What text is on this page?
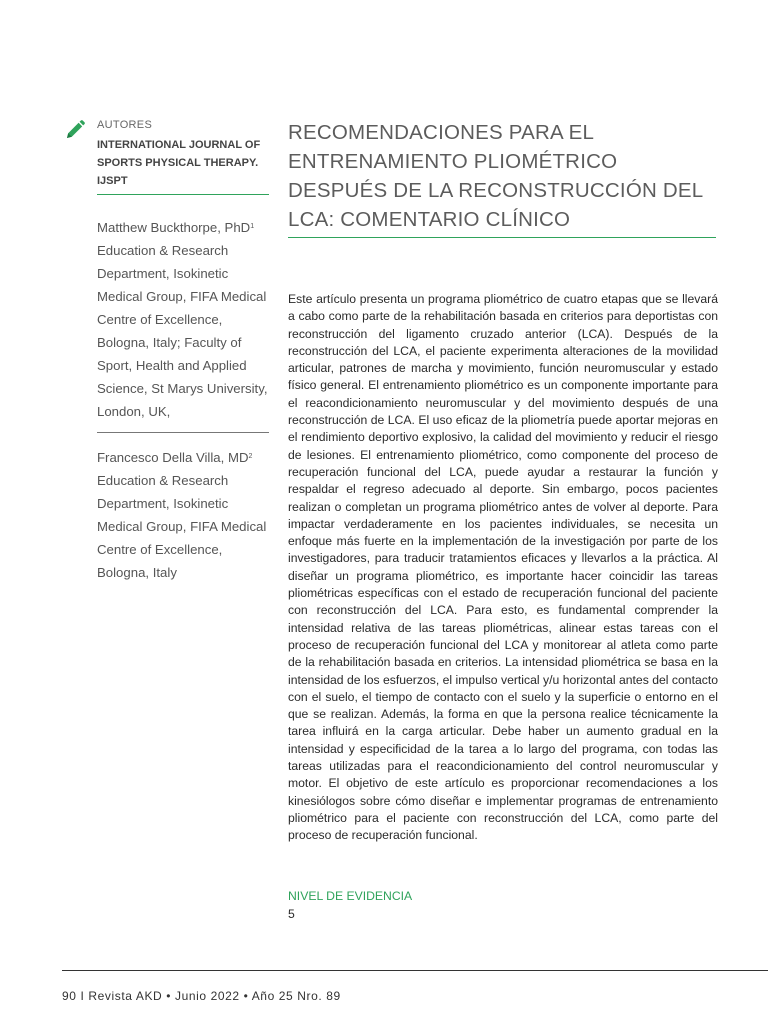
AUTORES
INTERNATIONAL JOURNAL OF SPORTS PHYSICAL THERAPY. IJSPT
Matthew Buckthorpe, PhD$^1$ Education & Research Department, Isokinetic Medical Group, FIFA Medical Centre of Excellence, Bologna, Italy; Faculty of Sport, Health and Applied Science, St Marys University, London, UK,
Francesco Della Villa, $MD^2$ Education & Research Department, Isokinetic Medical Group, FIFA Medical Centre of Excellence, Bologna, Italy
RECOMENDACIONES PARA EL ENTRENAMIENTO PLIOMÉTRICO DESPUÉS DE LA RECONSTRUCCIÓN DEL LCA: COMENTARIO CLÍNICO
Este artículo presenta un programa pliométrico de cuatro etapas que se llevará a cabo como parte de la rehabilitación basada en criterios para deportistas con reconstrucción del ligamento cruzado anterior (LCA). Después de la reconstrucción del LCA, el paciente experimenta alteraciones de la movilidad articular, patrones de marcha y movimiento, función neuromuscular y estado físico general. El entrenamiento pliométrico es un componente importante para el reacondicionamiento neuromuscular y del movimiento después de una reconstrucción de LCA. El uso eficaz de la pliometría puede aportar mejoras en el rendimiento deportivo explosivo, la calidad del movimiento y reducir el riesgo de lesiones. El entrenamiento pliométrico, como componente del proceso de recuperación funcional del LCA, puede ayudar a restaurar la función y respaldar el regreso adecuado al deporte. Sin embargo, pocos pacientes realizan o completan un programa pliométrico antes de volver al deporte. Para impactar verdaderamente en los pacientes individuales, se necesita un enfoque más fuerte en la implementación de la investigación por parte de los investigadores, para traducir tratamientos eficaces y llevarlos a la práctica. Al diseñar un programa pliométrico, es importante hacer coincidir las tareas pliométricas específicas con el estado de recuperación funcional del paciente con reconstrucción del LCA. Para esto, es fundamental comprender la intensidad relativa de las tareas pliométricas, alinear estas tareas con el proceso de recuperación funcional del LCA y monitorear al atleta como parte de la rehabilitación basada en criterios. La intensidad pliométrica se basa en la intensidad de los esfuerzos, el impulso vertical y/u horizontal antes del contacto con el suelo, el tiempo de contacto con el suelo y la superficie o entorno en el que se realizan. Además, la forma en que la persona realice técnicamente la tarea influirá en la carga articular. Debe haber un aumento gradual en la intensidad y especificidad de la tarea a lo largo del programa, con todas las tareas utilizadas para el reacondicionamiento del control neuromuscular y motor. El objetivo de este artículo es proporcionar recomendaciones a los kinesiólogos sobre cómo diseñar e implementar programas de entrenamiento pliométrico para el paciente con reconstrucción del LCA, como parte del proceso de recuperación funcional.
NIVEL DE EVIDENCIA
5
90 I Revista AKD • Junio 2022 • Año 25 Nro. 89
